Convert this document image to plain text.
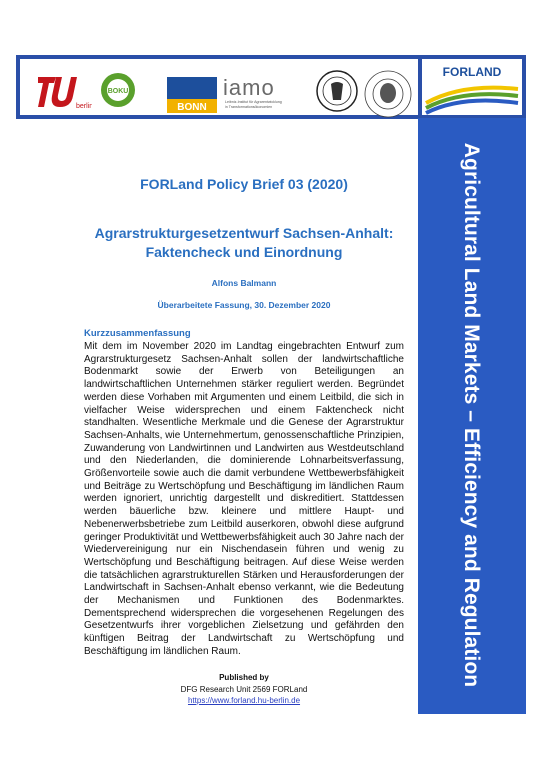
berlin
BOKU
BONN
iamo
Leibniz-Institut für Agrarentwicklung
in Transformationsökonomien
FORLAND
Agricultural Land Markets – Efficiency and Regulation
FORLand Policy Brief 03 (2020)
Agrarstrukturgesetzentwurf Sachsen-Anhalt:
Faktencheck und Einordnung
Alfons Balmann
Überarbeitete Fassung, 30. Dezember 2020
Kurzzusammenfassung
Mit dem im November 2020 im Landtag eingebrachten Entwurf zum Agrarstrukturgesetz Sachsen-Anhalt sollen der landwirtschaftliche Bodenmarkt sowie der Erwerb von Beteiligungen an landwirtschaftlichen Unternehmen stärker reguliert werden. Begründet werden diese Vorhaben mit Argumenten und einem Leitbild, die sich in vielfacher Weise widersprechen und einem Faktencheck nicht standhalten. Wesentliche Merkmale und die Genese der Agrarstruktur Sachsen-Anhalts, wie Unternehmertum, genossenschaftliche Prinzipien, Zuwanderung von Landwirtinnen und Landwirten aus Westdeutschland und den Niederlanden, die dominierende Lohnarbeitsverfassung, Größenvorteile sowie auch die damit verbundene Wettbewerbsfähigkeit und Beiträge zu Wertschöpfung und Beschäftigung im ländlichen Raum werden ignoriert, unrichtig dargestellt und diskreditiert. Stattdessen werden bäuerliche bzw. kleinere und mittlere Haupt- und Nebenerwerbsbetriebe zum Leitbild auserkoren, obwohl diese aufgrund geringer Produktivität und Wettbewerbsfähigkeit auch 30 Jahre nach der Wiedervereinigung nur ein Nischendasein führen und wenig zu Wertschöpfung und Beschäftigung beitragen. Auf diese Weise werden die tatsächlichen agrarstrukturellen Stärken und Herausforderungen der Landwirtschaft in Sachsen-Anhalt ebenso verkannt, wie die Bedeutung der Mechanismen und Funktionen des Bodenmarktes. Dementsprechend widersprechen die vorgesehenen Regelungen des Gesetzentwurfs ihrer vorgeblichen Zielsetzung und gefährden den künftigen Beitrag der Landwirtschaft zu Wertschöpfung und Beschäftigung im ländlichen Raum.
Published by
DFG Research Unit 2569 FORLand
https://www.forland.hu-berlin.de
